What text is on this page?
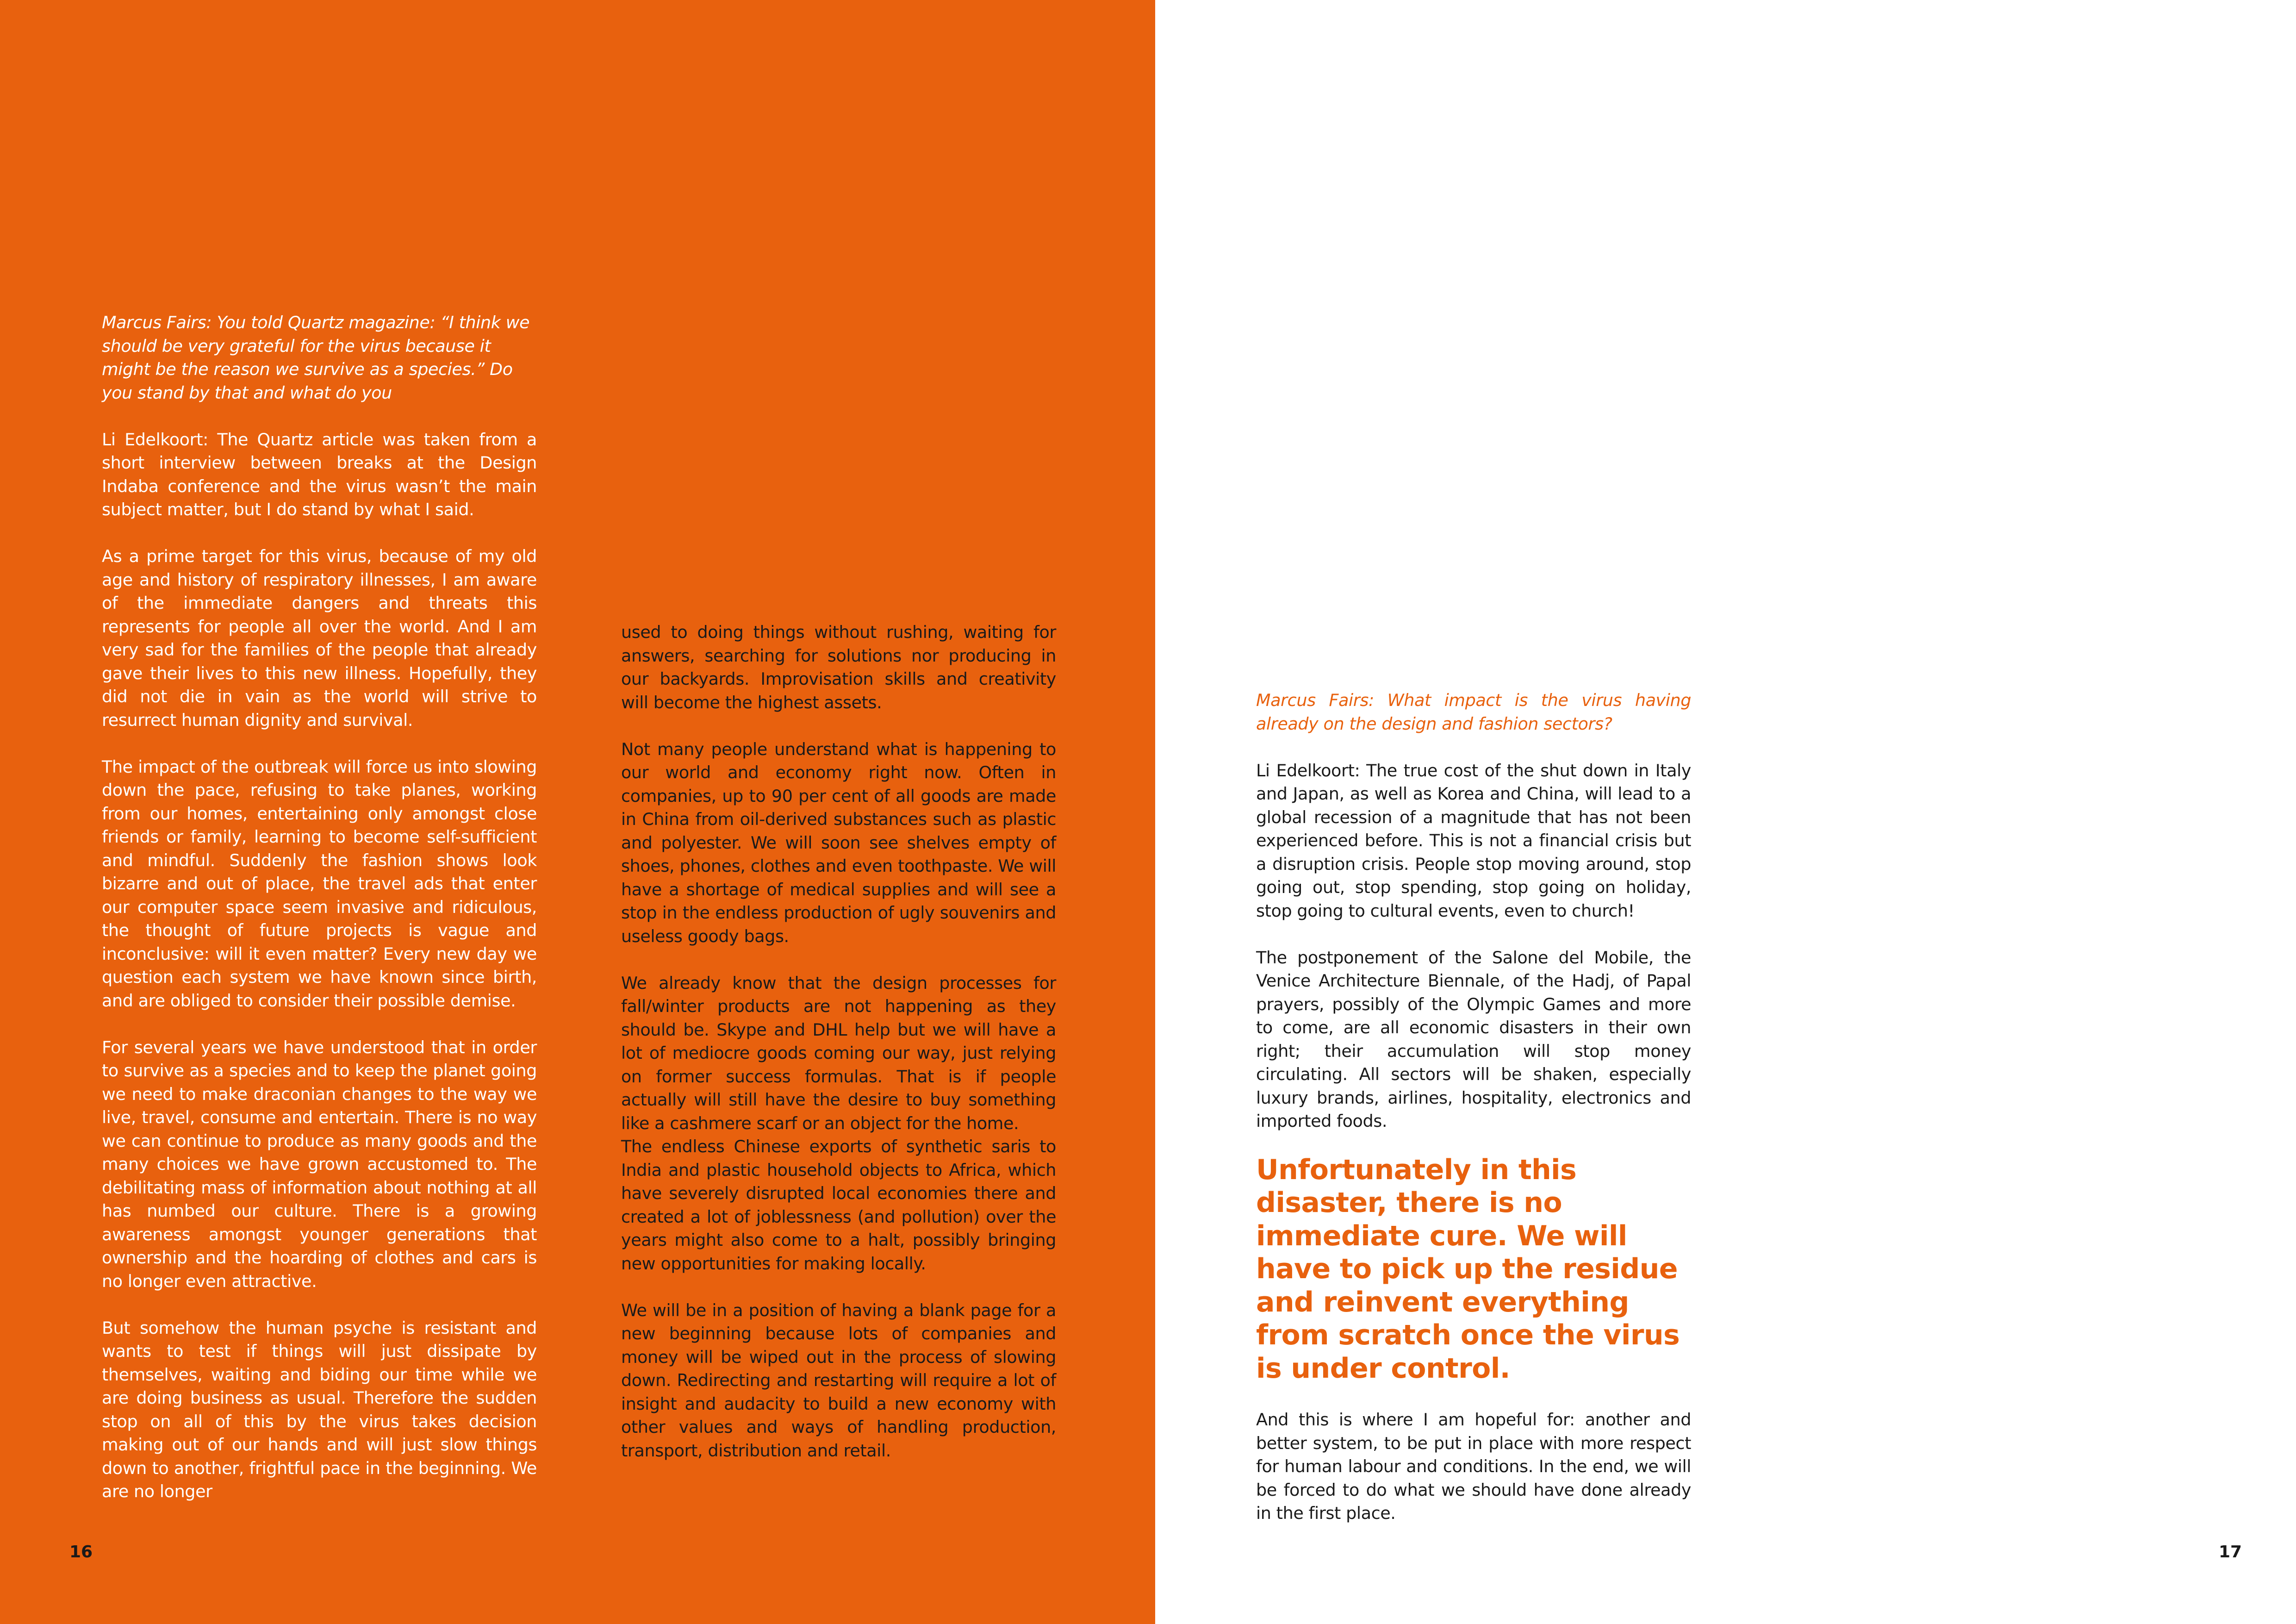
Marcus Fairs: You told Quartz magazine: “I think we should be very grateful for the virus because it might be the reason we survive as a species.” Do you stand by that and what do you

Li Edelkoort: The Quartz article was taken from a short interview between breaks at the Design Indaba conference and the virus wasn’t the main subject matter, but I do stand by what I said.

As a prime target for this virus, because of my old age and history of respiratory illnesses, I am aware of the immediate dangers and threats this represents for people all over the world. And I am very sad for the families of the people that already gave their lives to this new illness. Hopefully, they did not die in vain as the world will strive to resurrect human dignity and survival.

The impact of the outbreak will force us into slowing down the pace, refusing to take planes, working from our homes, entertaining only amongst close friends or family, learning to become self-sufficient and mindful. Suddenly the fashion shows look bizarre and out of place, the travel ads that enter our computer space seem invasive and ridiculous, the thought of future projects is vague and inconclusive: will it even matter? Every new day we question each system we have known since birth, and are obliged to consider their possible demise.

For several years we have understood that in order to survive as a species and to keep the planet going we need to make draconian changes to the way we live, travel, consume and entertain. There is no way we can continue to produce as many goods and the many choices we have grown accustomed to. The debilitating mass of information about nothing at all has numbed our culture. There is a growing awareness amongst younger generations that ownership and the hoarding of clothes and cars is no longer even attractive.

But somehow the human psyche is resistant and wants to test if things will just dissipate by themselves, waiting and biding our time while we are doing business as usual. Therefore the sudden stop on all of this by the virus takes decision making out of our hands and will just slow things down to another, frightful pace in the beginning. We are no longer

used to doing things without rushing, waiting for answers, searching for solutions nor producing in our backyards. Improvisation skills and creativity will become the highest assets.

Not many people understand what is happening to our world and economy right now. Often in companies, up to 90 per cent of all goods are made in China from oil-derived substances such as plastic and polyester. We will soon see shelves empty of shoes, phones, clothes and even toothpaste. We will have a shortage of medical supplies and will see a stop in the endless production of ugly souvenirs and useless goody bags.

We already know that the design processes for fall/winter products are not happening as they should be. Skype and DHL help but we will have a lot of mediocre goods coming our way, just relying on former success formulas. That is if people actually will still have the desire to buy something like a cashmere scarf or an object for the home.

The endless Chinese exports of synthetic saris to India and plastic household objects to Africa, which have severely disrupted local economies there and created a lot of joblessness (and pollution) over the years might also come to a halt, possibly bringing new opportunities for making locally.

We will be in a position of having a blank page for a new beginning because lots of companies and money will be wiped out in the process of slowing down. Redirecting and restarting will require a lot of insight and audacity to build a new economy with other values and ways of handling production, transport, distribution and retail.

16

Marcus Fairs: What impact is the virus having already on the design and fashion sectors?

Li Edelkoort: The true cost of the shut down in Italy and Japan, as well as Korea and China, will lead to a global recession of a magnitude that has not been experienced before. This is not a financial crisis but a disruption crisis. People stop moving around, stop going out, stop spending, stop going on holiday, stop going to cultural events, even to church!

The postponement of the Salone del Mobile, the Venice Architecture Biennale, of the Hadj, of Papal prayers, possibly of the Olympic Games and more to come, are all economic disasters in their own right; their accumulation will stop money circulating. All sectors will be shaken, especially luxury brands, airlines, hospitality, electronics and imported foods.

Unfortunately in this disaster, there is no immediate cure. We will have to pick up the residue and reinvent everything from scratch once the virus is under control.

And this is where I am hopeful for: another and better system, to be put in place with more respect for human labour and conditions. In the end, we will be forced to do what we should have done already in the first place.

17
